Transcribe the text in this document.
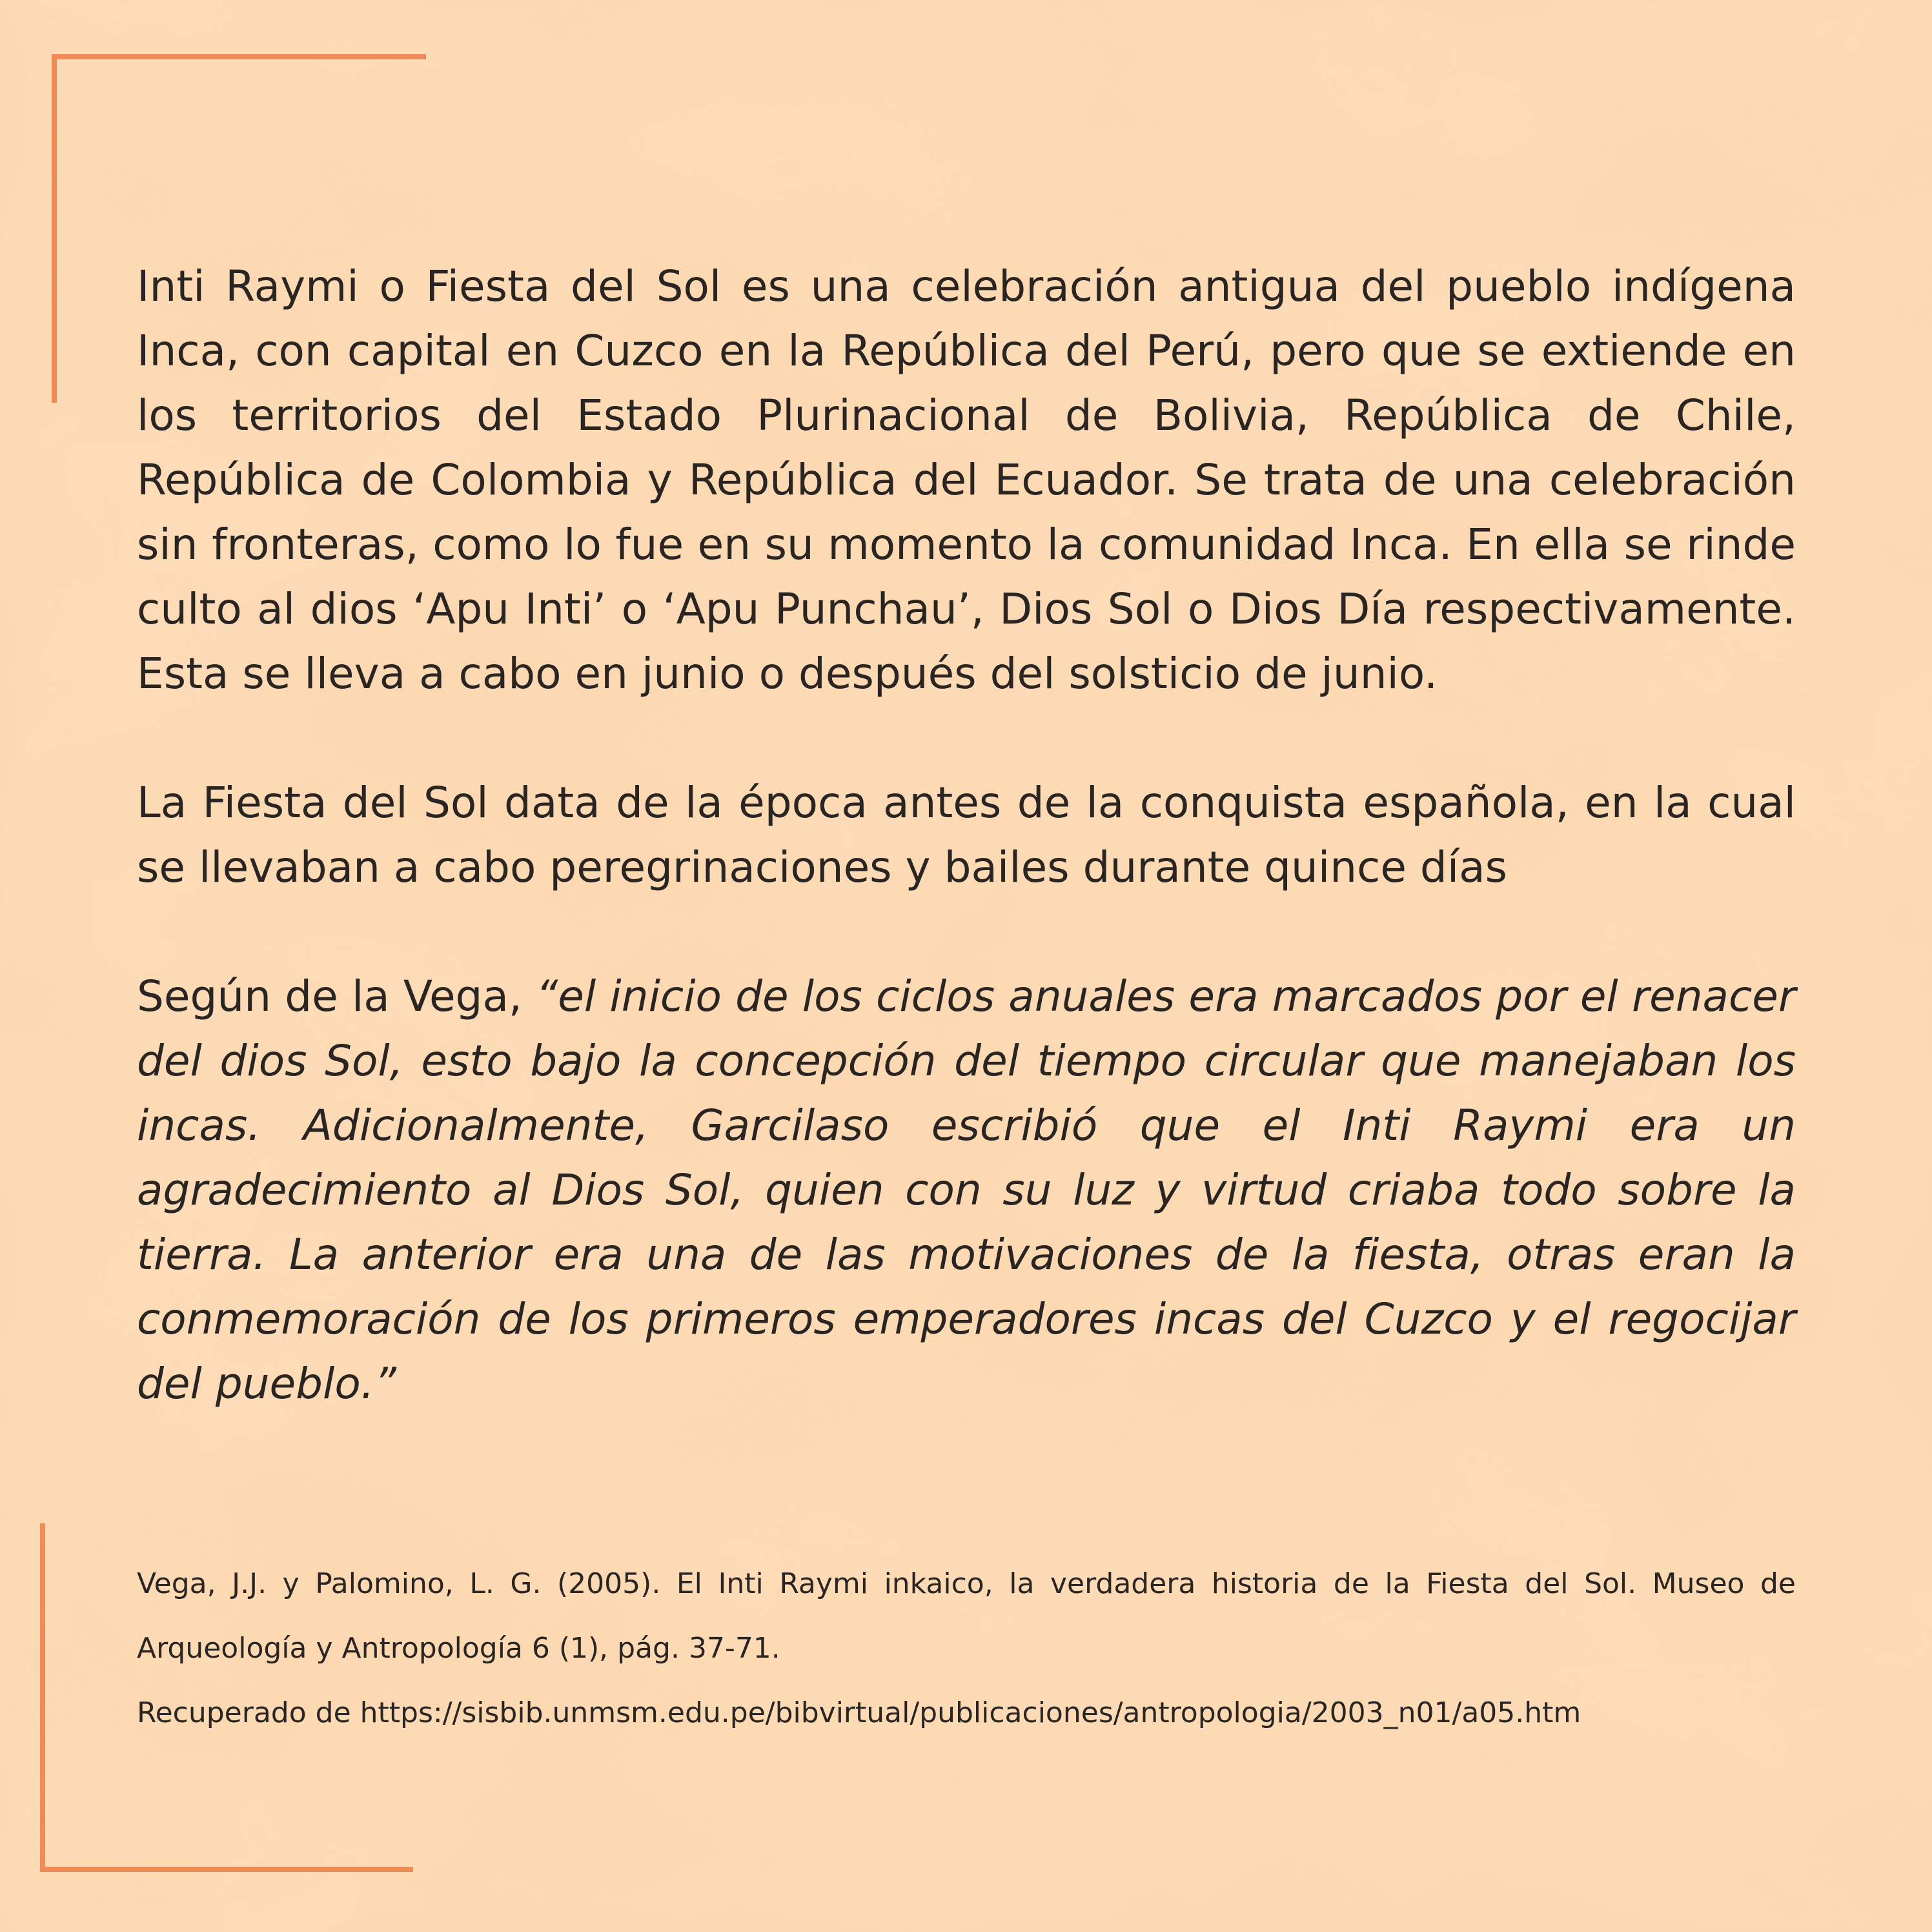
Inti Raymi o Fiesta del Sol es una celebración antigua del pueblo indígena Inca, con capital en Cuzco en la República del Perú, pero que se extiende en los territorios del Estado Plurinacional de Bolivia, República de Chile, República de Colombia y República del Ecuador. Se trata de una celebración sin fronteras, como lo fue en su momento la comunidad Inca. En ella se rinde culto al dios ‘Apu Inti’ o ‘Apu Punchau’, Dios Sol o Dios Día respectivamente. Esta se lleva a cabo en junio o después del solsticio de junio.

La Fiesta del Sol data de la época antes de la conquista española, en la cual se llevaban a cabo peregrinaciones y bailes durante quince días

Según de la Vega, “el inicio de los ciclos anuales era marcados por el renacer del dios Sol, esto bajo la concepción del tiempo circular que manejaban los incas. Adicionalmente, Garcilaso escribió que el Inti Raymi era un agradecimiento al Dios Sol, quien con su luz y virtud criaba todo sobre la tierra. La anterior era una de las motivaciones de la fiesta, otras eran la conmemoración de los primeros emperadores incas del Cuzco y el regocijar del pueblo.”

Vega, J.J. y Palomino, L. G. (2005). El Inti Raymi inkaico, la verdadera historia de la Fiesta del Sol. Museo de Arqueología y Antropología 6 (1), pág. 37-71.

Recuperado de https://sisbib.unmsm.edu.pe/bibvirtual/publicaciones/antropologia/2003_n01/a05.htm
